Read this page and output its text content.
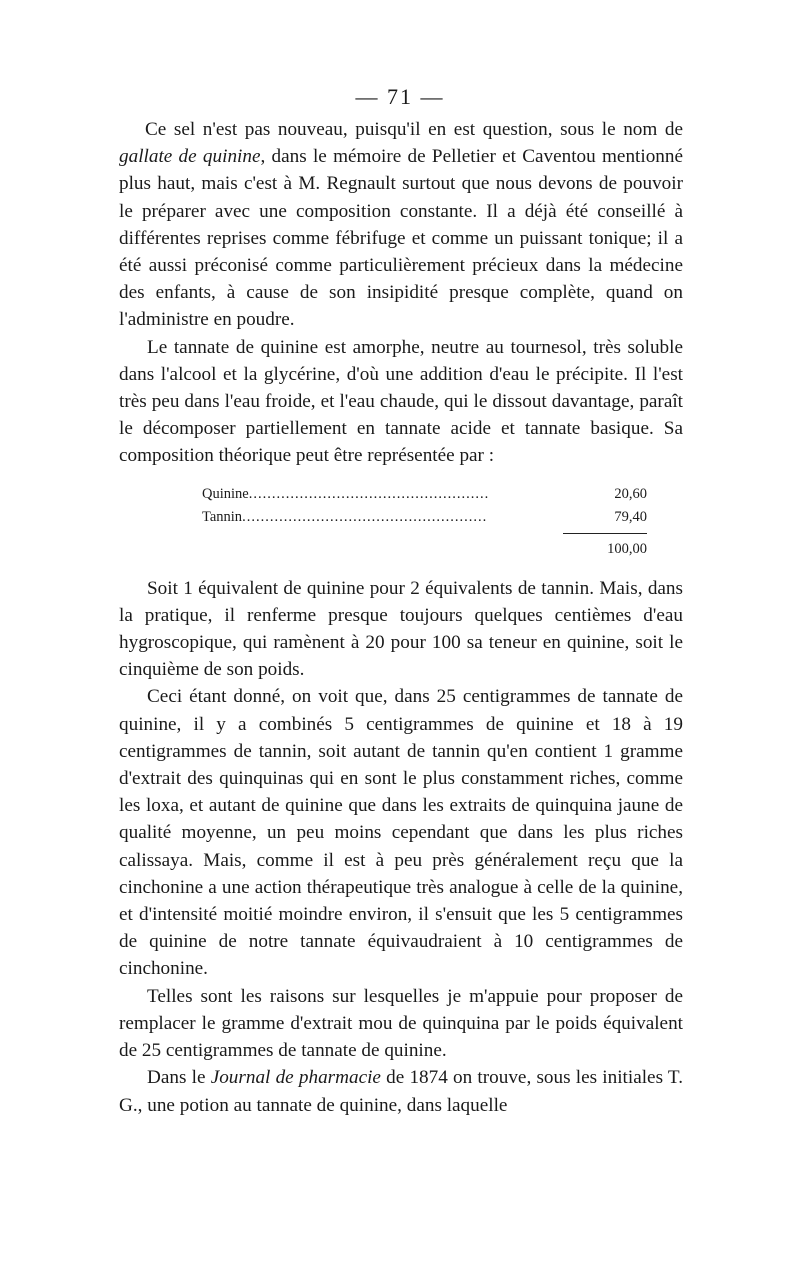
— 71 —

Ce sel n'est pas nouveau, puisqu'il en est question, sous le nom de gallate de quinine, dans le mémoire de Pelletier et Caventou mentionné plus haut, mais c'est à M. Regnault surtout que nous devons de pouvoir le préparer avec une composition constante. Il a déjà été conseillé à différentes reprises comme fébrifuge et comme un puissant tonique; il a été aussi préconisé comme particulièrement précieux dans la médecine des enfants, à cause de son insipidité presque complète, quand on l'administre en poudre.

Le tannate de quinine est amorphe, neutre au tournesol, très soluble dans l'alcool et la glycérine, d'où une addition d'eau le précipite. Il l'est très peu dans l'eau froide, et l'eau chaude, qui le dissout davantage, paraît le décomposer partiellement en tannate acide et tannate basique. Sa composition théorique peut être représentée par :

Quinine ....................................................	20,60
Tannin .....................................................	79,40
100,00

Soit 1 équivalent de quinine pour 2 équivalents de tannin. Mais, dans la pratique, il renferme presque toujours quelques centièmes d'eau hygroscopique, qui ramènent à 20 pour 100 sa teneur en quinine, soit le cinquième de son poids.

Ceci étant donné, on voit que, dans 25 centigrammes de tannate de quinine, il y a combinés 5 centigrammes de quinine et 18 à 19 centigrammes de tannin, soit autant de tannin qu'en contient 1 gramme d'extrait des quinquinas qui en sont le plus constamment riches, comme les loxa, et autant de quinine que dans les extraits de quinquina jaune de qualité moyenne, un peu moins cependant que dans les plus riches calissaya. Mais, comme il est à peu près généralement reçu que la cinchonine a une action thérapeutique très analogue à celle de la quinine, et d'intensité moitié moindre environ, il s'ensuit que les 5 centigrammes de quinine de notre tannate équivaudraient à 10 centigrammes de cinchonine.

Telles sont les raisons sur lesquelles je m'appuie pour proposer de remplacer le gramme d'extrait mou de quinquina par le poids équivalent de 25 centigrammes de tannate de quinine.

Dans le Journal de pharmacie de 1874 on trouve, sous les initiales T. G., une potion au tannate de quinine, dans laquelle
